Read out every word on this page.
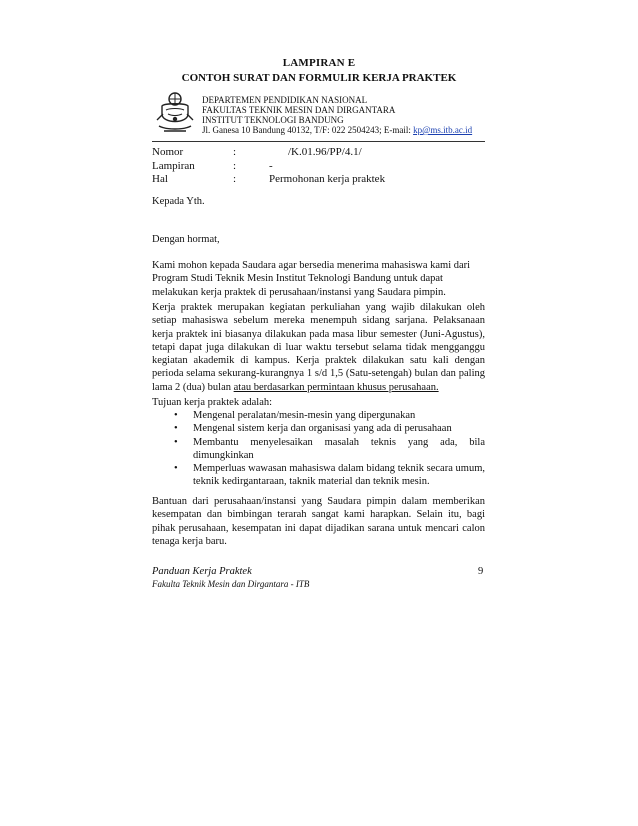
LAMPIRAN E
CONTOH SURAT DAN FORMULIR KERJA PRAKTEK
DEPARTEMEN PENDIDIKAN NASIONAL
FAKULTAS TEKNIK MESIN DAN DIRGANTARA
INSTITUT TEKNOLOGI BANDUNG
Jl. Ganesa 10 Bandung 40132, T/F: 022 2504243; E-mail: kp@ms.itb.ac.id
Nomor	:	/K.01.96/PP/4.1/
Lampiran	:	-
Hal	:	Permohonan kerja praktek
Kepada Yth.
Dengan hormat,
Kami mohon kepada Saudara agar bersedia menerima mahasiswa kami dari Program Studi Teknik Mesin Institut Teknologi Bandung untuk dapat melakukan kerja praktek di perusahaan/instansi yang Saudara pimpin.
Kerja praktek merupakan kegiatan perkuliahan yang wajib dilakukan oleh setiap mahasiswa sebelum mereka menempuh sidang sarjana. Pelaksanaan kerja praktek ini biasanya dilakukan pada masa libur semester (Juni-Agustus), tetapi dapat juga dilakukan di luar waktu tersebut selama tidak mengganggu kegiatan akademik di kampus. Kerja praktek dilakukan satu kali dengan perioda selama sekurang-kurangnya 1 s/d 1,5 (Satu-setengah) bulan dan paling lama 2 (dua) bulan atau berdasarkan permintaan khusus perusahaan.
Tujuan kerja praktek adalah:
• Mengenal peralatan/mesin-mesin yang dipergunakan
• Mengenal sistem kerja dan organisasi yang ada di perusahaan
• Membantu menyelesaikan masalah teknis yang ada, bila dimungkinkan
• Memperluas wawasan mahasiswa dalam bidang teknik secara umum, teknik kedirgantaraan, taknik material dan teknik mesin.
Bantuan dari perusahaan/instansi yang Saudara pimpin dalam memberikan kesempatan dan bimbingan terarah sangat kami harapkan. Selain itu, bagi pihak perusahaan, kesempatan ini dapat dijadikan sarana untuk mencari calon tenaga kerja baru.
Panduan Kerja Praktek	9
Fakulta Teknik Mesin dan Dirgantara - ITB
